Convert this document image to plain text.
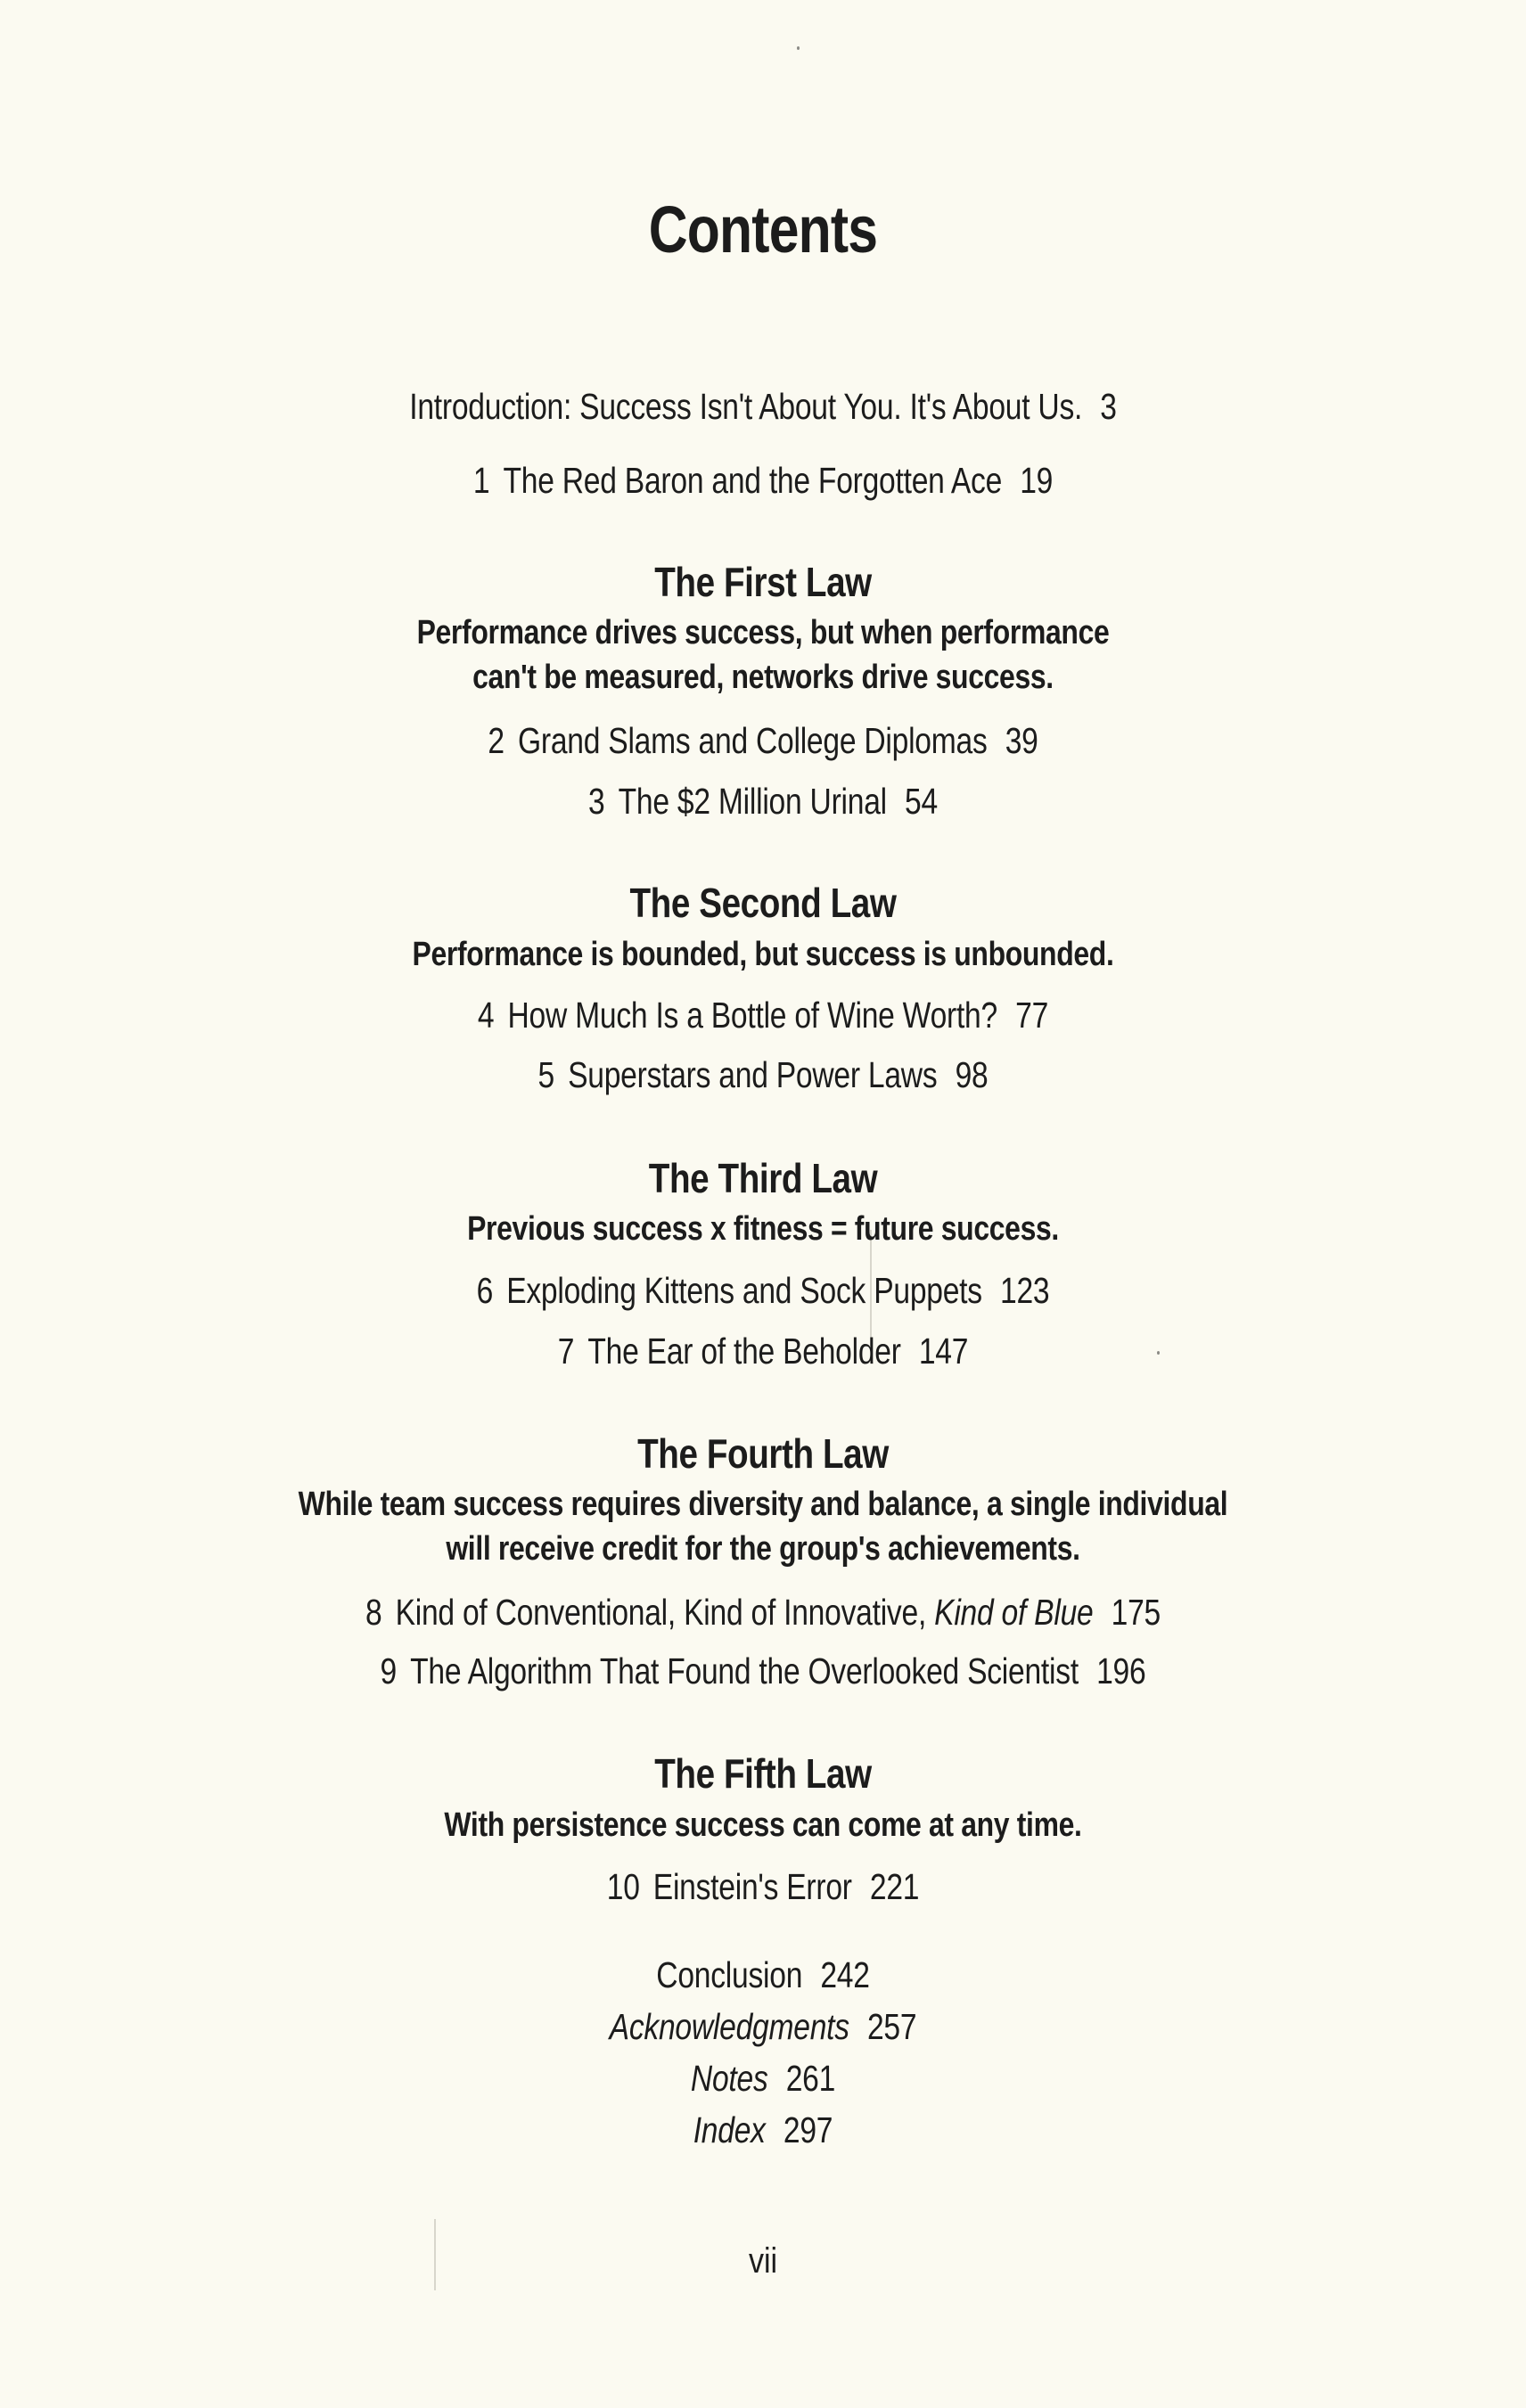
Contents
Introduction: Success Isn't About You. It's About Us. 3
1 The Red Baron and the Forgotten Ace 19
The First Law
Performance drives success, but when performance
can't be measured, networks drive success.
2 Grand Slams and College Diplomas 39
3 The $2 Million Urinal 54
The Second Law
Performance is bounded, but success is unbounded.
4 How Much Is a Bottle of Wine Worth? 77
5 Superstars and Power Laws 98
The Third Law
Previous success x fitness = future success.
6 Exploding Kittens and Sock Puppets 123
7 The Ear of the Beholder 147
The Fourth Law
While team success requires diversity and balance, a single individual
will receive credit for the group's achievements.
8 Kind of Conventional, Kind of Innovative, Kind of Blue 175
9 The Algorithm That Found the Overlooked Scientist 196
The Fifth Law
With persistence success can come at any time.
10 Einstein's Error 221
Conclusion 242
Acknowledgments 257
Notes 261
Index 297
vii
